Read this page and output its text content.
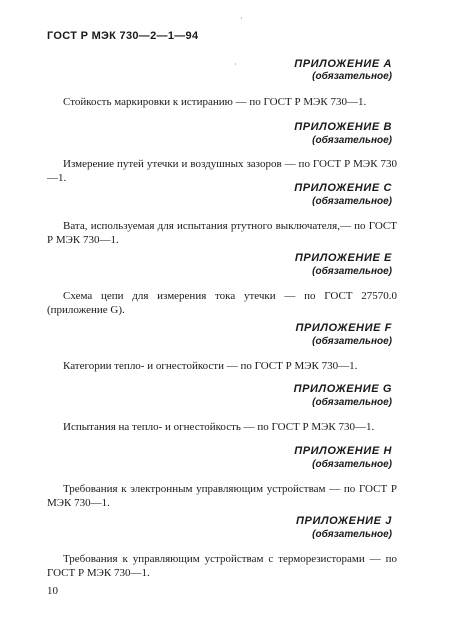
ГОСТ Р МЭК 730—2—1—94
ПРИЛОЖЕНИЕ А
(обязательное)
Стойкость маркировки к истиранию — по ГОСТ Р МЭК 730—1.
ПРИЛОЖЕНИЕ В
(обязательное)
Измерение путей утечки и воздушных зазоров — по ГОСТ Р МЭК 730—1.
ПРИЛОЖЕНИЕ С
(обязательное)
Вата, используемая для испытания ртутного выключателя,— по ГОСТ Р МЭК 730—1.
ПРИЛОЖЕНИЕ Е
(обязательное)
Схема цепи для измерения тока утечки — по ГОСТ 27570.0 (приложение G).
ПРИЛОЖЕНИЕ F
(обязательное)
Категории тепло- и огнестойкости — по ГОСТ Р МЭК 730—1.
ПРИЛОЖЕНИЕ G
(обязательное)
Испытания на тепло- и огнестойкость — по ГОСТ Р МЭК 730—1.
ПРИЛОЖЕНИЕ Н
(обязательное)
Требования к электронным управляющим устройствам — по ГОСТ Р МЭК 730—1.
ПРИЛОЖЕНИЕ J
(обязательное)
Требования к управляющим устройствам с терморезисторами — по ГОСТ Р МЭК 730—1.
10
·
·
